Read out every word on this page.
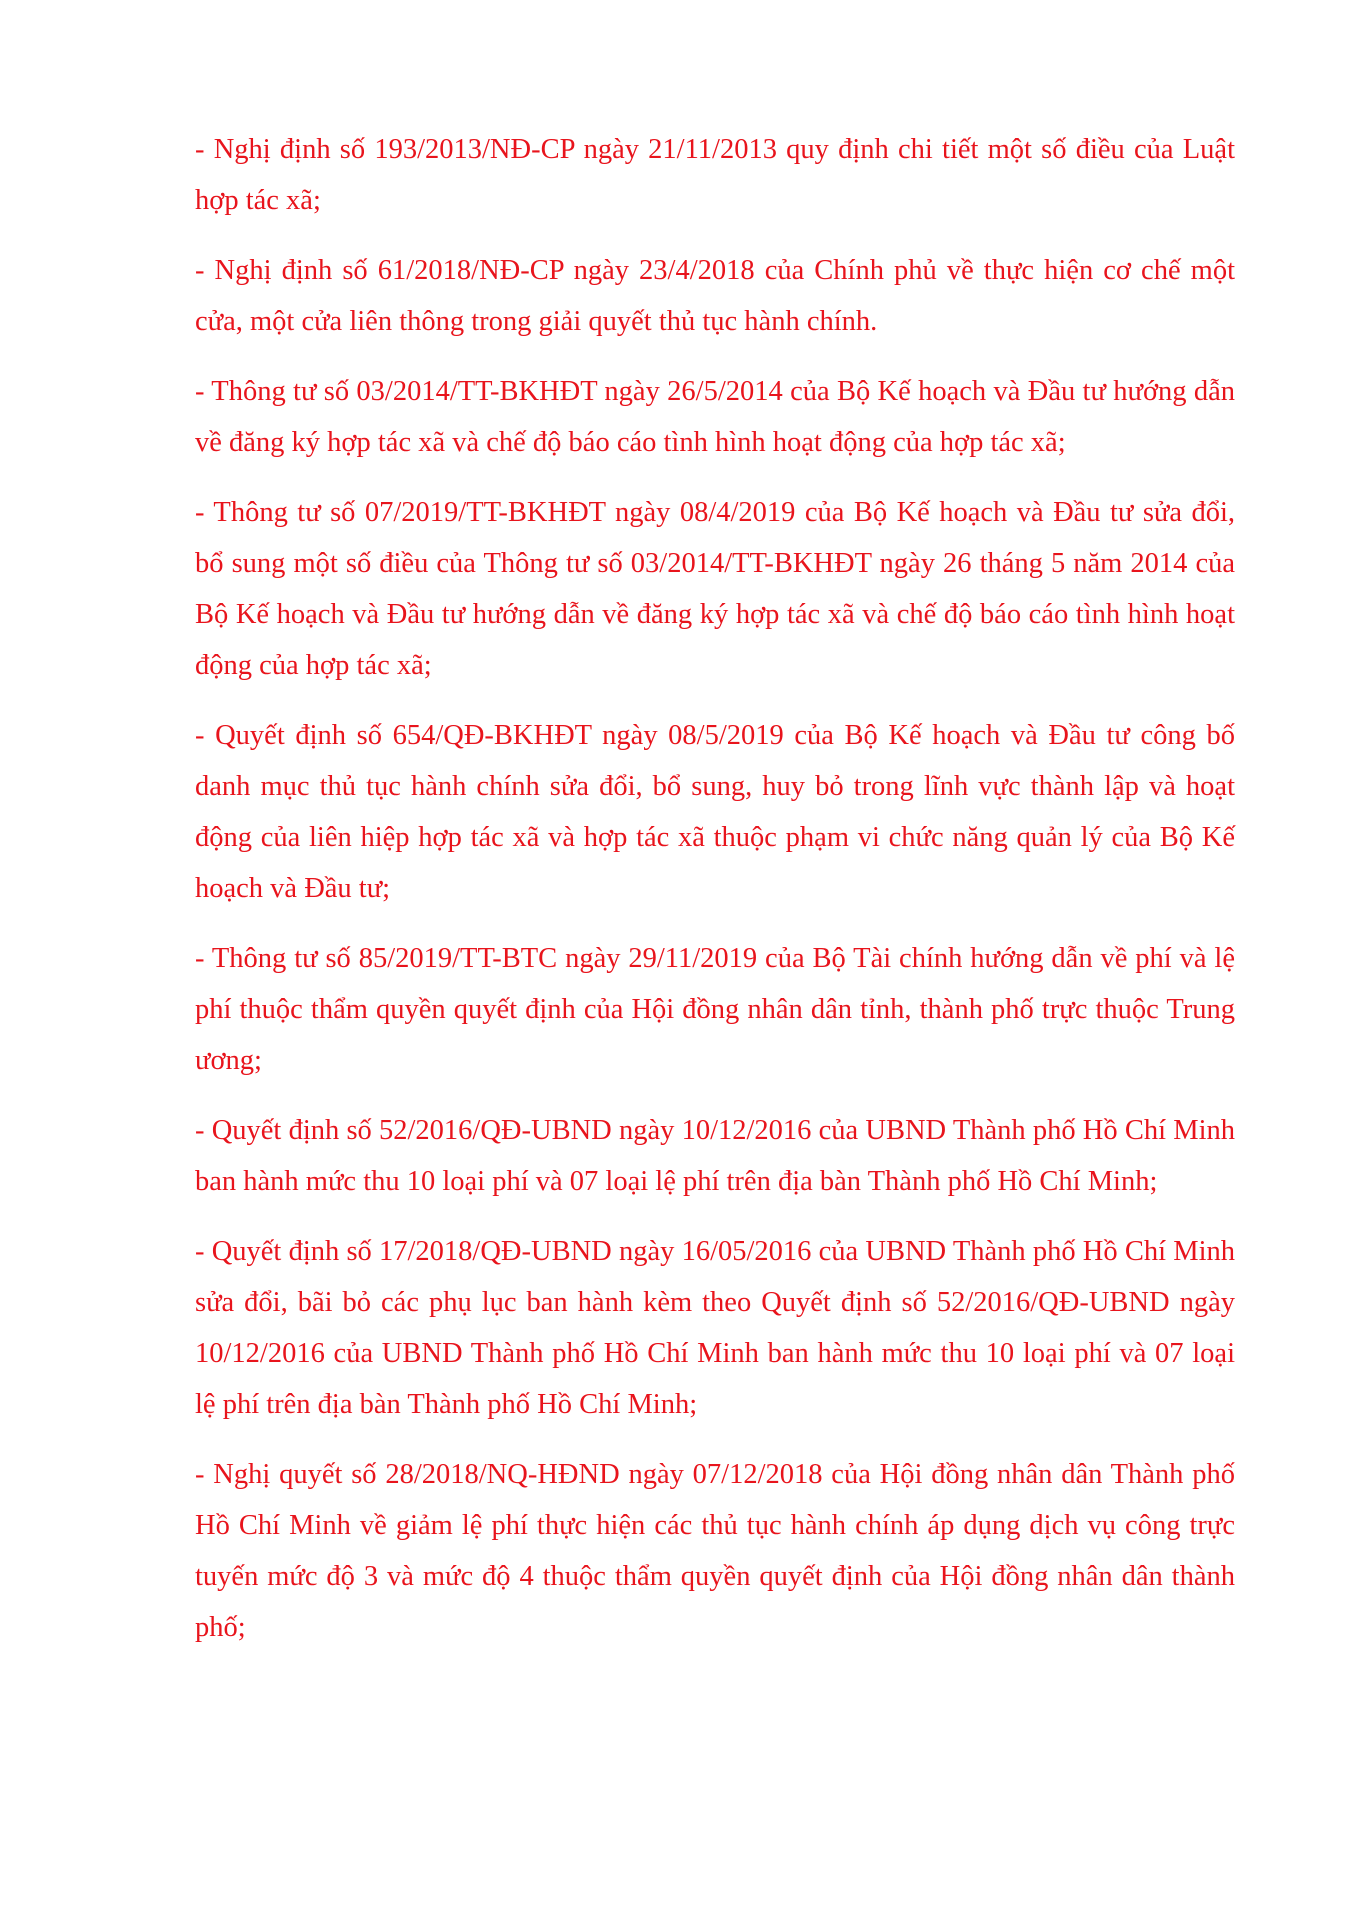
- Nghị định số 193/2013/NĐ-CP ngày 21/11/2013 quy định chi tiết một số điều của Luật hợp tác xã;

- Nghị định số 61/2018/NĐ-CP ngày 23/4/2018 của Chính phủ về thực hiện cơ chế một cửa, một cửa liên thông trong giải quyết thủ tục hành chính.

- Thông tư số 03/2014/TT-BKHĐT ngày 26/5/2014 của Bộ Kế hoạch và Đầu tư hướng dẫn về đăng ký hợp tác xã và chế độ báo cáo tình hình hoạt động của hợp tác xã;

- Thông tư số 07/2019/TT-BKHĐT ngày 08/4/2019 của Bộ Kế hoạch và Đầu tư sửa đổi, bổ sung một số điều của Thông tư số 03/2014/TT-BKHĐT ngày 26 tháng 5 năm 2014 của Bộ Kế hoạch và Đầu tư hướng dẫn về đăng ký hợp tác xã và chế độ báo cáo tình hình hoạt động của hợp tác xã;

- Quyết định số 654/QĐ-BKHĐT ngày 08/5/2019 của Bộ Kế hoạch và Đầu tư công bố danh mục thủ tục hành chính sửa đổi, bổ sung, huy bỏ trong lĩnh vực thành lập và hoạt động của liên hiệp hợp tác xã và hợp tác xã thuộc phạm vi chức năng quản lý của Bộ Kế hoạch và Đầu tư;

- Thông tư số 85/2019/TT-BTC ngày 29/11/2019 của Bộ Tài chính hướng dẫn về phí và lệ phí thuộc thẩm quyền quyết định của Hội đồng nhân dân tỉnh, thành phố trực thuộc Trung ương;

- Quyết định số 52/2016/QĐ-UBND ngày 10/12/2016 của UBND Thành phố Hồ Chí Minh ban hành mức thu 10 loại phí và 07 loại lệ phí trên địa bàn Thành phố Hồ Chí Minh;

- Quyết định số 17/2018/QĐ-UBND ngày 16/05/2016 của UBND Thành phố Hồ Chí Minh sửa đổi, bãi bỏ các phụ lục ban hành kèm theo Quyết định số 52/2016/QĐ-UBND ngày 10/12/2016 của UBND Thành phố Hồ Chí Minh ban hành mức thu 10 loại phí và 07 loại lệ phí trên địa bàn Thành phố Hồ Chí Minh;

- Nghị quyết số 28/2018/NQ-HĐND ngày 07/12/2018 của Hội đồng nhân dân Thành phố Hồ Chí Minh về giảm lệ phí thực hiện các thủ tục hành chính áp dụng dịch vụ công trực tuyến mức độ 3 và mức độ 4 thuộc thẩm quyền quyết định của Hội đồng nhân dân thành phố;
